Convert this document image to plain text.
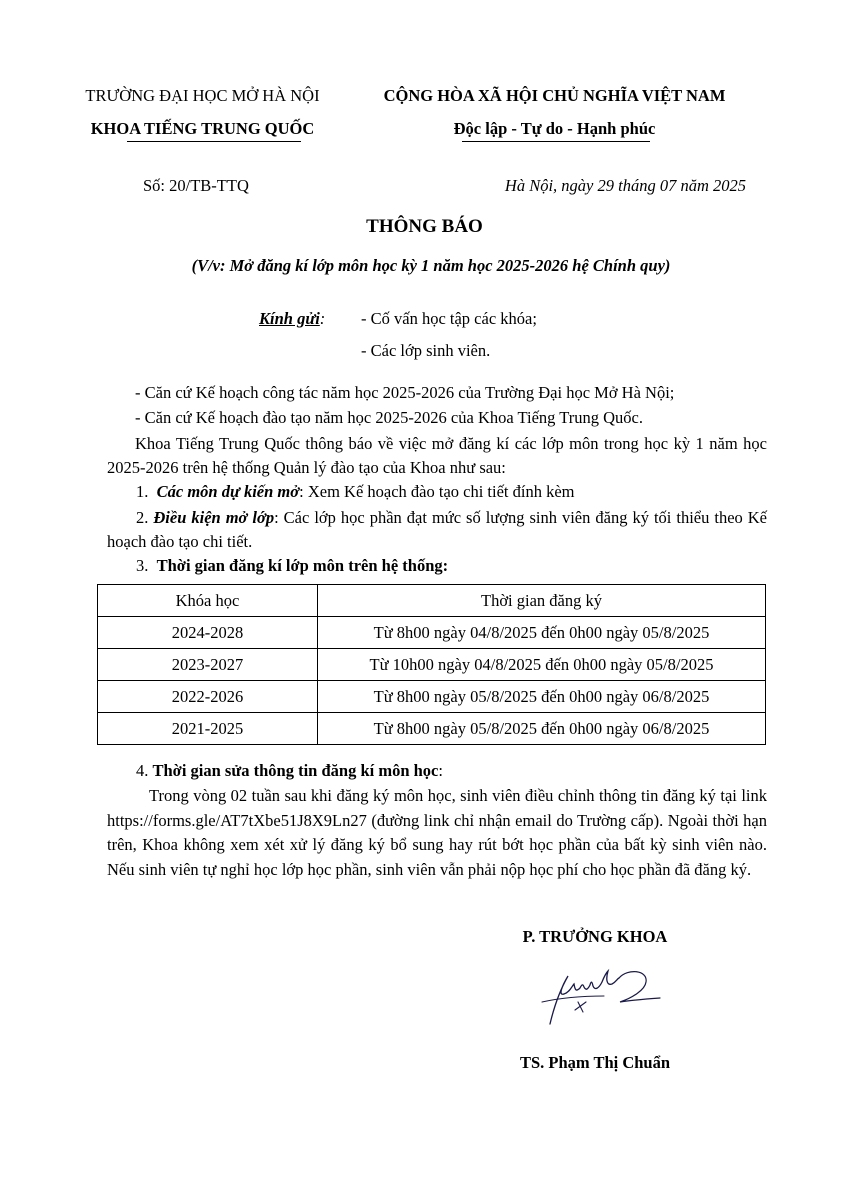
TRƯỜNG ĐẠI HỌC MỞ HÀ NỘI
KHOA TIẾNG TRUNG QUỐC
CỘNG HÒA XÃ HỘI CHỦ NGHĨA VIỆT NAM
Độc lập - Tự do - Hạnh phúc
Số: 20/TB-TTQ	Hà Nội, ngày 29 tháng 07 năm 2025
THÔNG BÁO
(V/v: Mở đăng kí lớp môn học kỳ 1 năm học 2025-2026 hệ Chính quy)
Kính gửi: - Cố vấn học tập các khóa;
- Các lớp sinh viên.
- Căn cứ Kế hoạch công tác năm học 2025-2026 của Trường Đại học Mở Hà Nội;
- Căn cứ Kế hoạch đào tạo năm học 2025-2026 của Khoa Tiếng Trung Quốc.
Khoa Tiếng Trung Quốc thông báo về việc mở đăng kí các lớp môn trong học kỳ 1 năm học 2025-2026 trên hệ thống Quản lý đào tạo của Khoa như sau:
1. Các môn dự kiến mở: Xem Kế hoạch đào tạo chi tiết đính kèm
2. Điều kiện mở lớp: Các lớp học phần đạt mức số lượng sinh viên đăng ký tối thiểu theo Kế hoạch đào tạo chi tiết.
3. Thời gian đăng kí lớp môn trên hệ thống:
Khóa học	Thời gian đăng ký
2024-2028	Từ 8h00 ngày 04/8/2025 đến 0h00 ngày 05/8/2025
2023-2027	Từ 10h00 ngày 04/8/2025 đến 0h00 ngày 05/8/2025
2022-2026	Từ 8h00 ngày 05/8/2025 đến 0h00 ngày 06/8/2025
2021-2025	Từ 8h00 ngày 05/8/2025 đến 0h00 ngày 06/8/2025
4. Thời gian sửa thông tin đăng kí môn học:
Trong vòng 02 tuần sau khi đăng ký môn học, sinh viên điều chỉnh thông tin đăng ký tại link https://forms.gle/AT7tXbe51J8X9Ln27 (đường link chỉ nhận email do Trường cấp). Ngoài thời hạn trên, Khoa không xem xét xử lý đăng ký bổ sung hay rút bớt học phần của bất kỳ sinh viên nào. Nếu sinh viên tự nghỉ học lớp học phần, sinh viên vẫn phải nộp học phí cho học phần đã đăng ký.
P. TRƯỞNG KHOA
TS. Phạm Thị Chuẩn
